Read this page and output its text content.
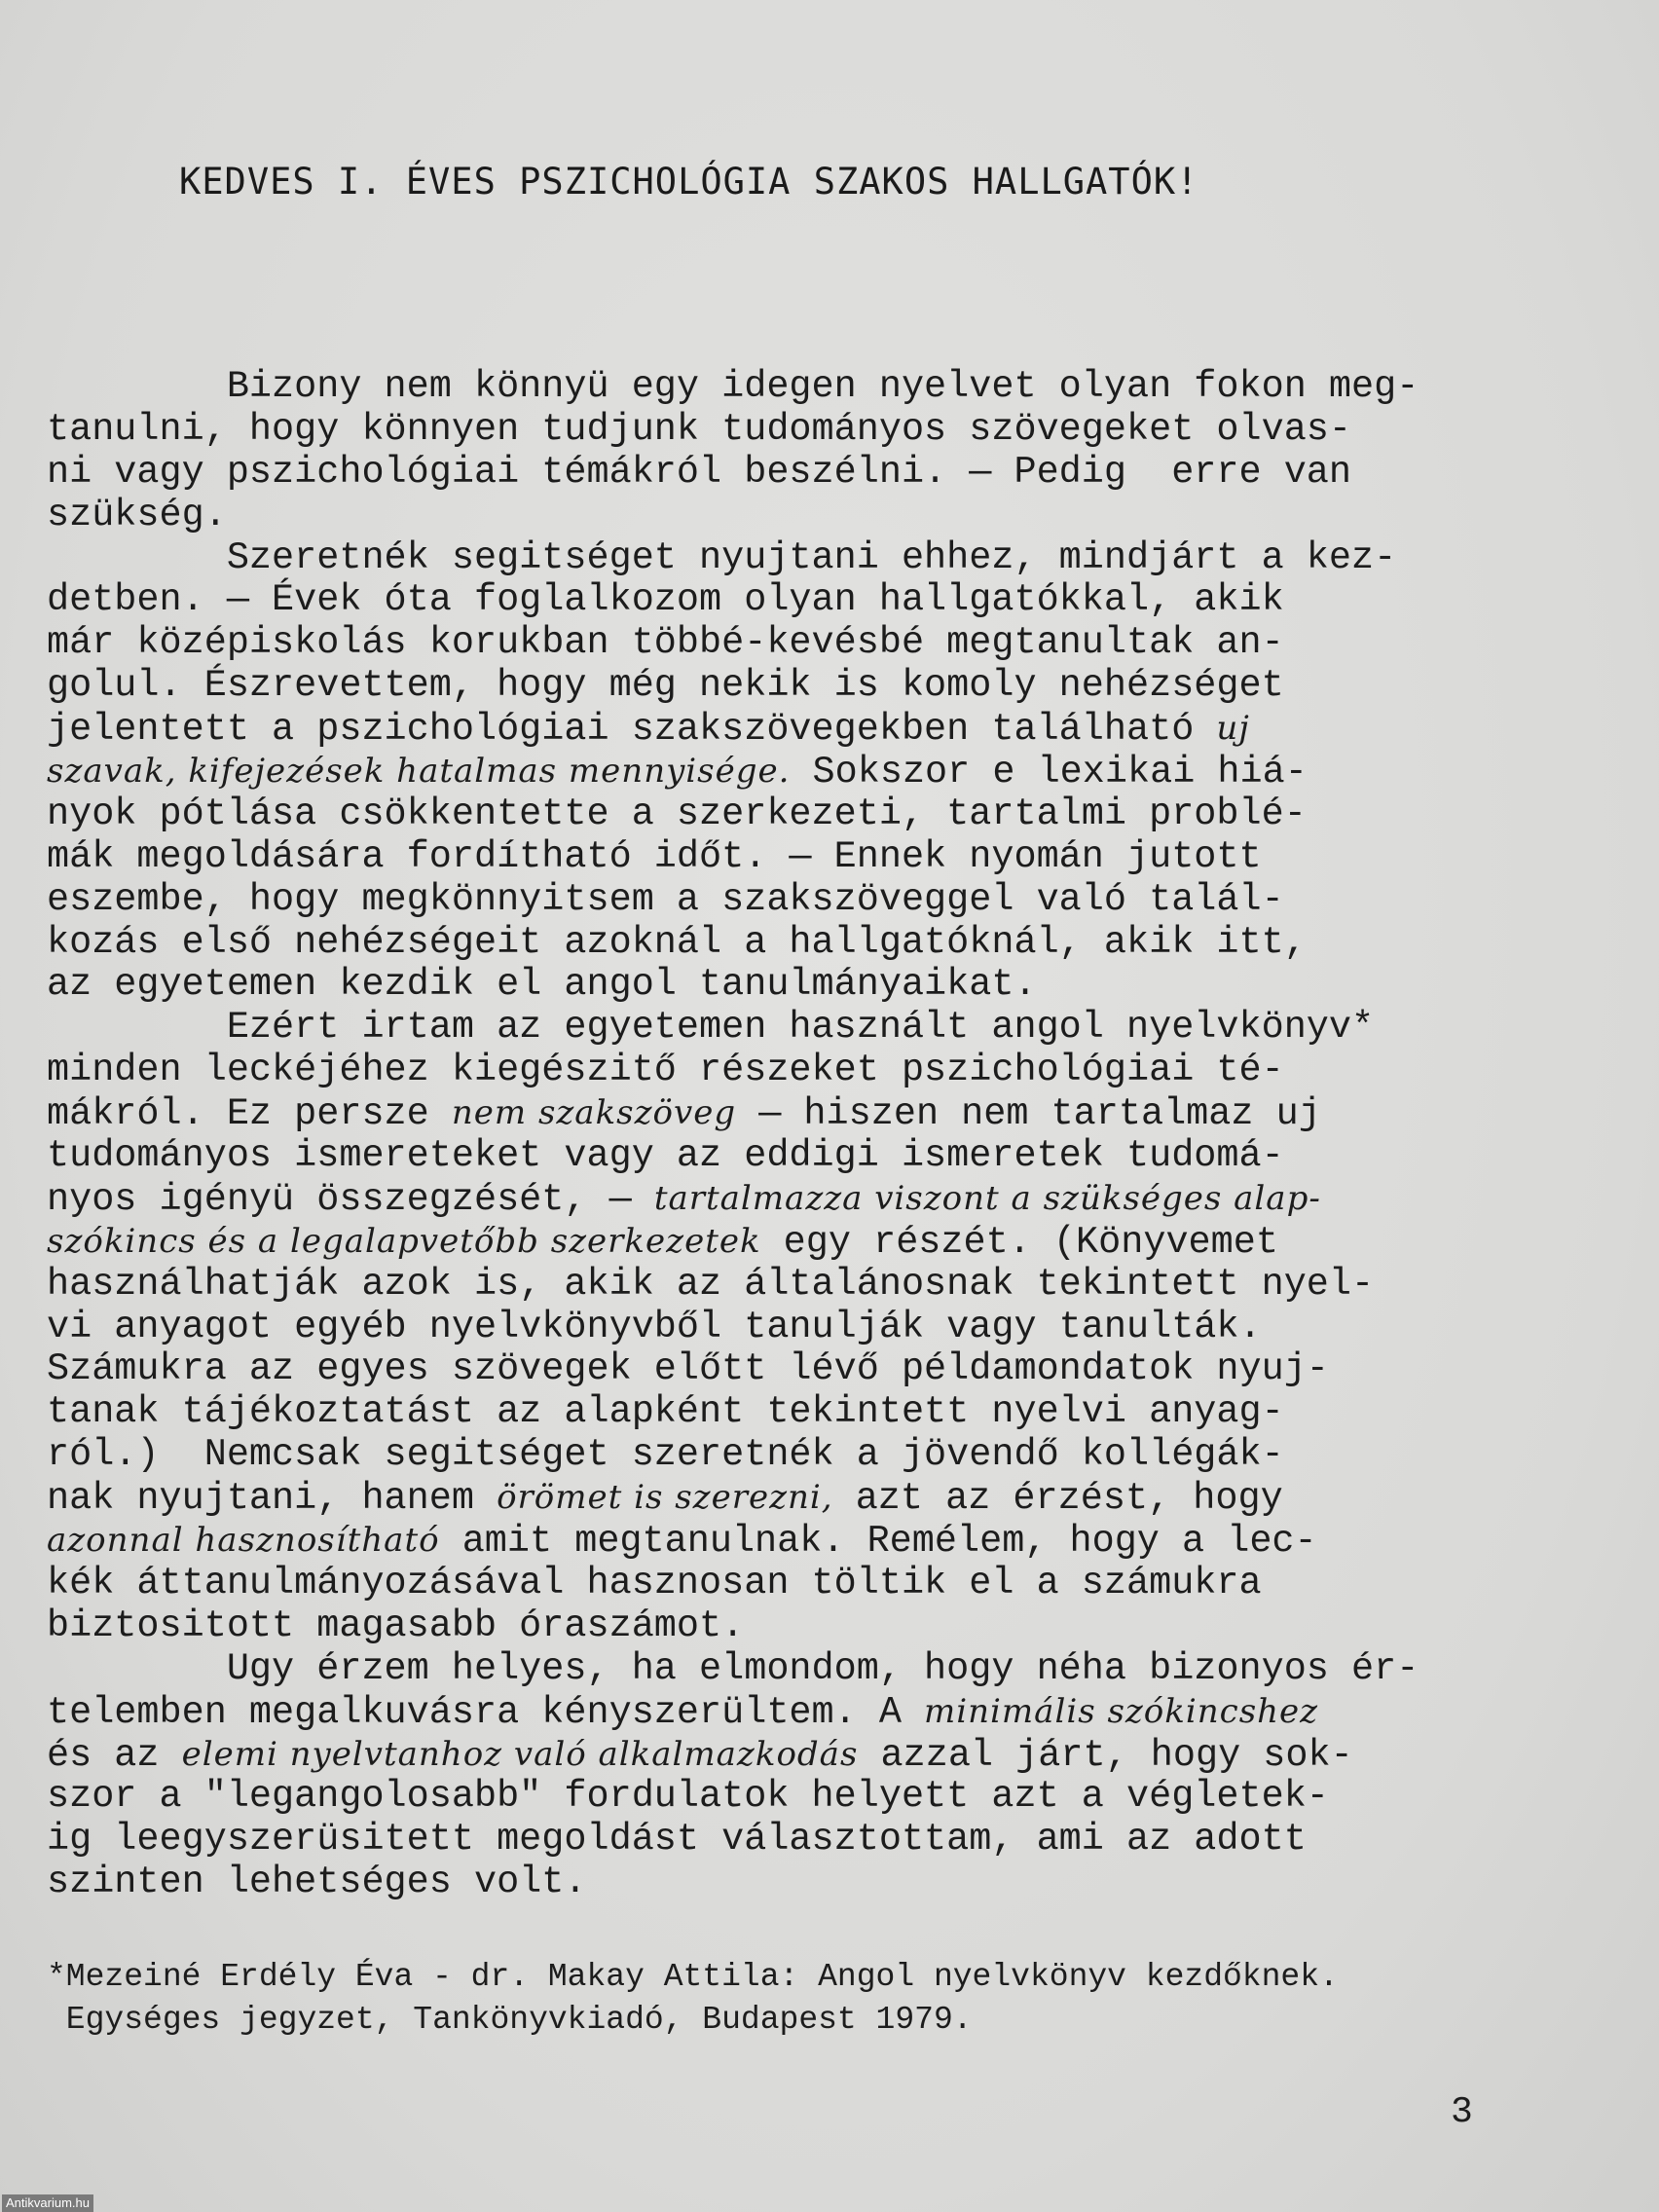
KEDVES I. ÉVES PSZICHOLÓGIA SZAKOS HALLGATÓK!
Bizony nem könnyü egy idegen nyelvet olyan fokon meg-
tanulni, hogy könnyen tudjunk tudományos szövegeket olvas-
ni vagy pszichológiai témákról beszélni. — Pedig  erre van
szükség.
Szeretnék segitséget nyujtani ehhez, mindjárt a kez-
detben. — Évek óta foglalkozom olyan hallgatókkal, akik
már középiskolás korukban többé-kevésbé megtanultak an-
golul. Észrevettem, hogy még nekik is komoly nehézséget
jelentett a pszichológiai szakszövegekben található uj
szavak, kifejezések hatalmas mennyisége. Sokszor e lexikai hiá-
nyok pótlása csökkentette a szerkezeti, tartalmi problé-
mák megoldására fordítható időt. — Ennek nyomán jutott
eszembe, hogy megkönnyitsem a szakszöveggel való talál-
kozás első nehézségeit azoknál a hallgatóknál, akik itt,
az egyetemen kezdik el angol tanulmányaikat.
Ezért irtam az egyetemen használt angol nyelvkönyv*
minden leckéjéhez kiegészitő részeket pszichológiai té-
mákról. Ez persze nem szakszöveg — hiszen nem tartalmaz uj
tudományos ismereteket vagy az eddigi ismeretek tudomá-
nyos igényü összegzését, — tartalmazza viszont a szükséges alap-
szókincs és a legalapvetőbb szerkezetek egy részét. (Könyvemet
használhatják azok is, akik az általánosnak tekintett nyel-
vi anyagot egyéb nyelvkönyvből tanulják vagy tanulták.
Számukra az egyes szövegek előtt lévő példamondatok nyuj-
tanak tájékoztatást az alapként tekintett nyelvi anyag-
ról.)  Nemcsak segitséget szeretnék a jövendő kollégák-
nak nyujtani, hanem örömet is szerezni, azt az érzést, hogy
azonnal hasznosítható amit megtanulnak. Remélem, hogy a lec-
kék áttanulmányozásával hasznosan töltik el a számukra
biztositott magasabb óraszámot.
Ugy érzem helyes, ha elmondom, hogy néha bizonyos ér-
telemben megalkuvásra kényszerültem. A minimális szókincshez
és az elemi nyelvtanhoz való alkalmazkodás azzal járt, hogy sok-
szor a "legangolosabb" fordulatok helyett azt a végletek-
ig leegyszerüsitett megoldást választottam, ami az adott
szinten lehetséges volt.
*Mezeiné Erdély Éva - dr. Makay Attila: Angol nyelvkönyv kezdőknek.
Egységes jegyzet, Tankönyvkiadó, Budapest 1979.
3
Antikvarium.hu
